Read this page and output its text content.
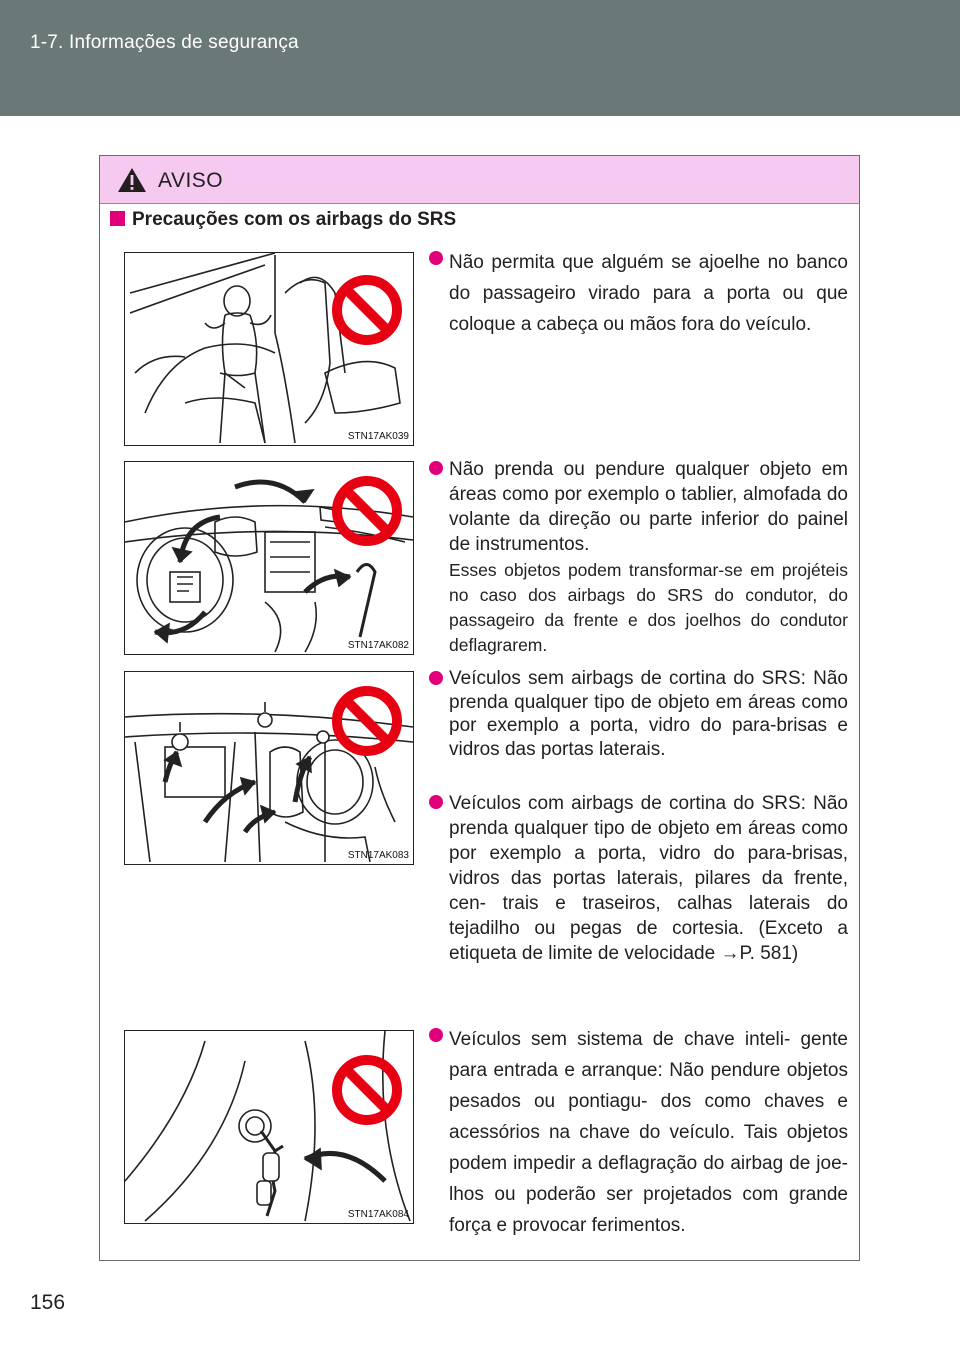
1-7. Informações de segurança
AVISO
Precauções com os airbags do SRS
STN17AK039
STN17AK082
STN17AK083
STN17AK084
Não permita que alguém se ajoelhe no banco do passageiro virado para a porta ou que coloque a cabeça ou mãos fora do veículo.
Não prenda ou pendure qualquer objeto em áreas como por exemplo o tablier, almofada do volante da direção ou parte inferior do painel de instrumentos.
Esses objetos podem transformar-se em projéteis no caso dos airbags do SRS do condutor, do passageiro da frente e dos joelhos do condutor deflagrarem.
Veículos sem airbags de cortina do SRS: Não prenda qualquer tipo de objeto em áreas como por exemplo a porta, vidro do para-brisas e vidros das portas laterais.
Veículos com airbags de cortina do SRS: Não prenda qualquer tipo de objeto em áreas como por exemplo a porta, vidro do para-brisas, vidros das portas laterais, pilares da frente, cen- trais e traseiros, calhas laterais do tejadilho ou pegas de cortesia. (Exceto a etiqueta de limite de velocidade →P. 581)
Veículos sem sistema de chave inteli- gente para entrada e arranque: Não pendure objetos pesados ou pontiagu- dos como chaves e acessórios na chave do veículo. Tais objetos podem impedir a deflagração do airbag de joe- lhos ou poderão ser projetados com grande força e provocar ferimentos.
156
